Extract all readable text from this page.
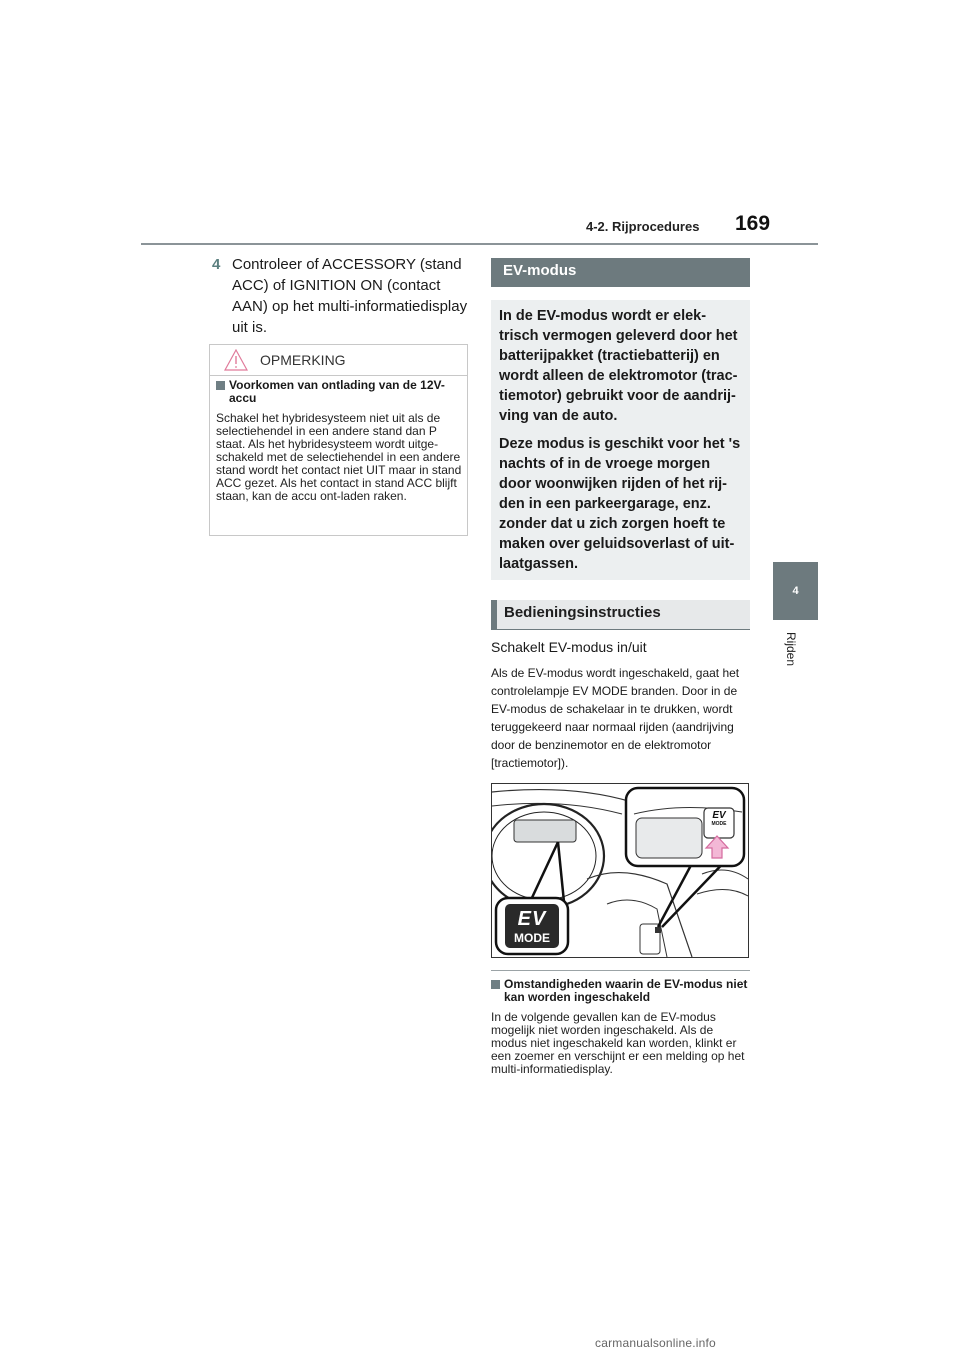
4-2. Rijprocedures 169
4
Rijden
4 Controleer of ACCESSORY (stand ACC) of IGNITION ON (contact AAN) op het multi-informatiedisplay uit is.
OPMERKING
Voorkomen van ontlading van de 12V-accu
Schakel het hybridesysteem niet uit als de selectiehendel in een andere stand dan P staat. Als het hybridesysteem wordt uitge-schakeld met de selectiehendel in een andere stand wordt het contact niet UIT maar in stand ACC gezet. Als het contact in stand ACC blijft staan, kan de accu ont-laden raken.
EV-modus

In de EV-modus wordt er elek-trisch vermogen geleverd door het batterijpakket (tractiebatterij) en wordt alleen de elektromotor (trac-tiemotor) gebruikt voor de aandrij-ving van de auto.

Deze modus is geschikt voor het 's nachts of in de vroege morgen door woonwijken rijden of het rij-den in een parkeergarage, enz. zonder dat u zich zorgen hoeft te maken over geluidsoverlast of uit-laatgassen.

Bedieningsinstructies
Schakelt EV-modus in/uit
Als de EV-modus wordt ingeschakeld, gaat het controlelampje EV MODE branden. Door in de EV-modus de schakelaar in te drukken, wordt teruggekeerd naar normaal rijden (aandrijving door de benzinemotor en de elektromotor [tractiemotor]).
EV
MODE
EV
MODE
Omstandigheden waarin de EV-modus niet kan worden ingeschakeld
In de volgende gevallen kan de EV-modus mogelijk niet worden ingeschakeld. Als de modus niet ingeschakeld kan worden, klinkt er een zoemer en verschijnt er een melding op het multi-informatiedisplay.
carmanualsonline.info
